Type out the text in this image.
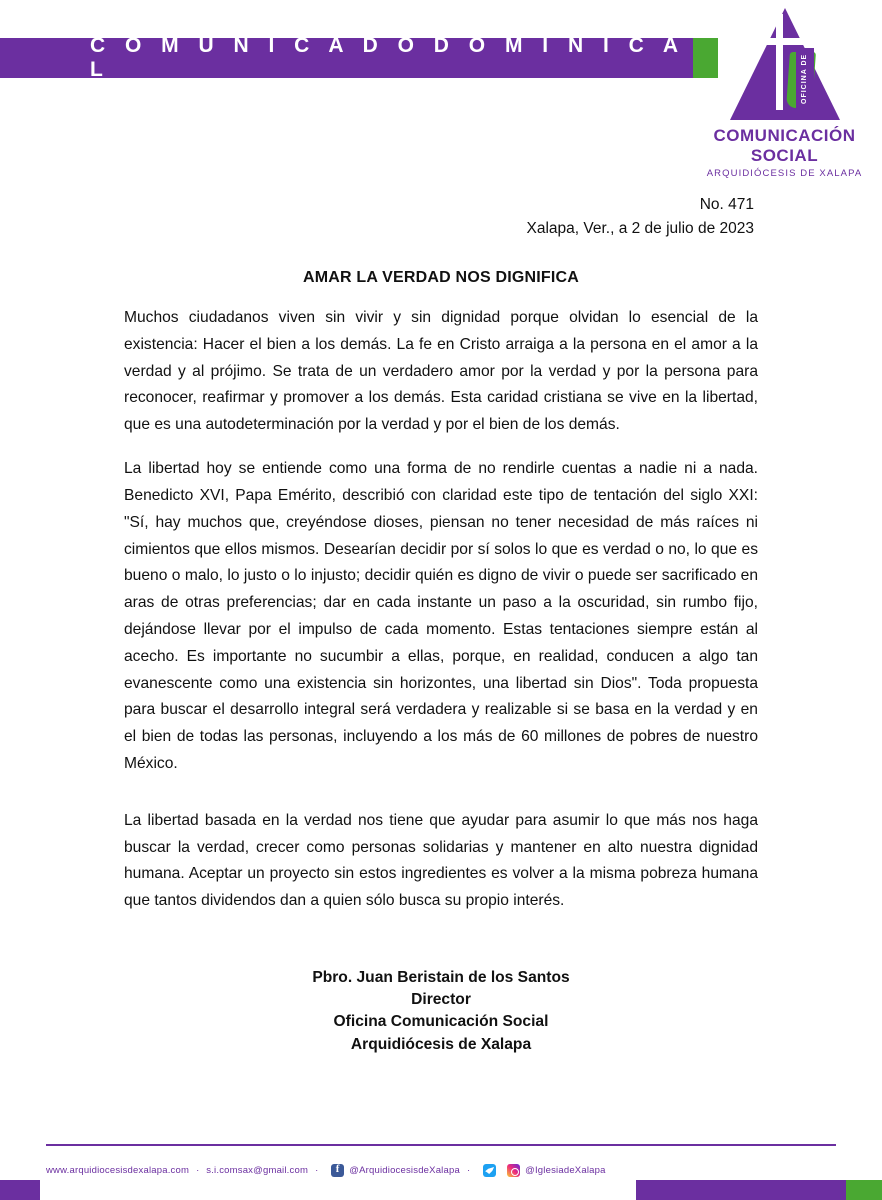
C O M U N I C A D O D O M I N I C A L	OFICINA DE
COMUNICACIÓN SOCIAL
ARQUIDIÓCESIS DE XALAPA
No. 471
Xalapa, Ver., a 2 de julio de 2023
AMAR LA VERDAD NOS DIGNIFICA

Muchos ciudadanos viven sin vivir y sin dignidad porque olvidan lo esencial de la existencia: Hacer el bien a los demás. La fe en Cristo arraiga a la persona en el amor a la verdad y al prójimo. Se trata de un verdadero amor por la verdad y por la persona para reconocer, reafirmar y promover a los demás. Esta caridad cristiana se vive en la libertad, que es una autodeterminación por la verdad y por el bien de los demás.

La libertad hoy se entiende como una forma de no rendirle cuentas a nadie ni a nada. Benedicto XVI, Papa Emérito, describió con claridad este tipo de tentación del siglo XXI: "Sí, hay muchos que, creyéndose dioses, piensan no tener necesidad de más raíces ni cimientos que ellos mismos. Desearían decidir por sí solos lo que es verdad o no, lo que es bueno o malo, lo justo o lo injusto; decidir quién es digno de vivir o puede ser sacrificado en aras de otras preferencias; dar en cada instante un paso a la oscuridad, sin rumbo fijo, dejándose llevar por el impulso de cada momento. Estas tentaciones siempre están al acecho. Es importante no sucumbir a ellas, porque, en realidad, conducen a algo tan evanescente como una existencia sin horizontes, una libertad sin Dios". Toda propuesta para buscar el desarrollo integral será verdadera y realizable si se basa en la verdad y en el bien de todas las personas, incluyendo a los más de 60 millones de pobres de nuestro México.

La libertad basada en la verdad nos tiene que ayudar para asumir lo que más nos haga buscar la verdad, crecer como personas solidarias y mantener en alto nuestra dignidad humana. Aceptar un proyecto sin estos ingredientes es volver a la misma pobreza humana que tantos dividendos dan a quien sólo busca su propio interés.

Pbro. Juan Beristain de los Santos
Director
Oficina Comunicación Social
Arquidiócesis de Xalapa
www.arquidiocesisdexalapa.com · s.i.comsax@gmail.com · f	@ArquidiocesisdeXalapa ·	@IglesiadeXalapa
